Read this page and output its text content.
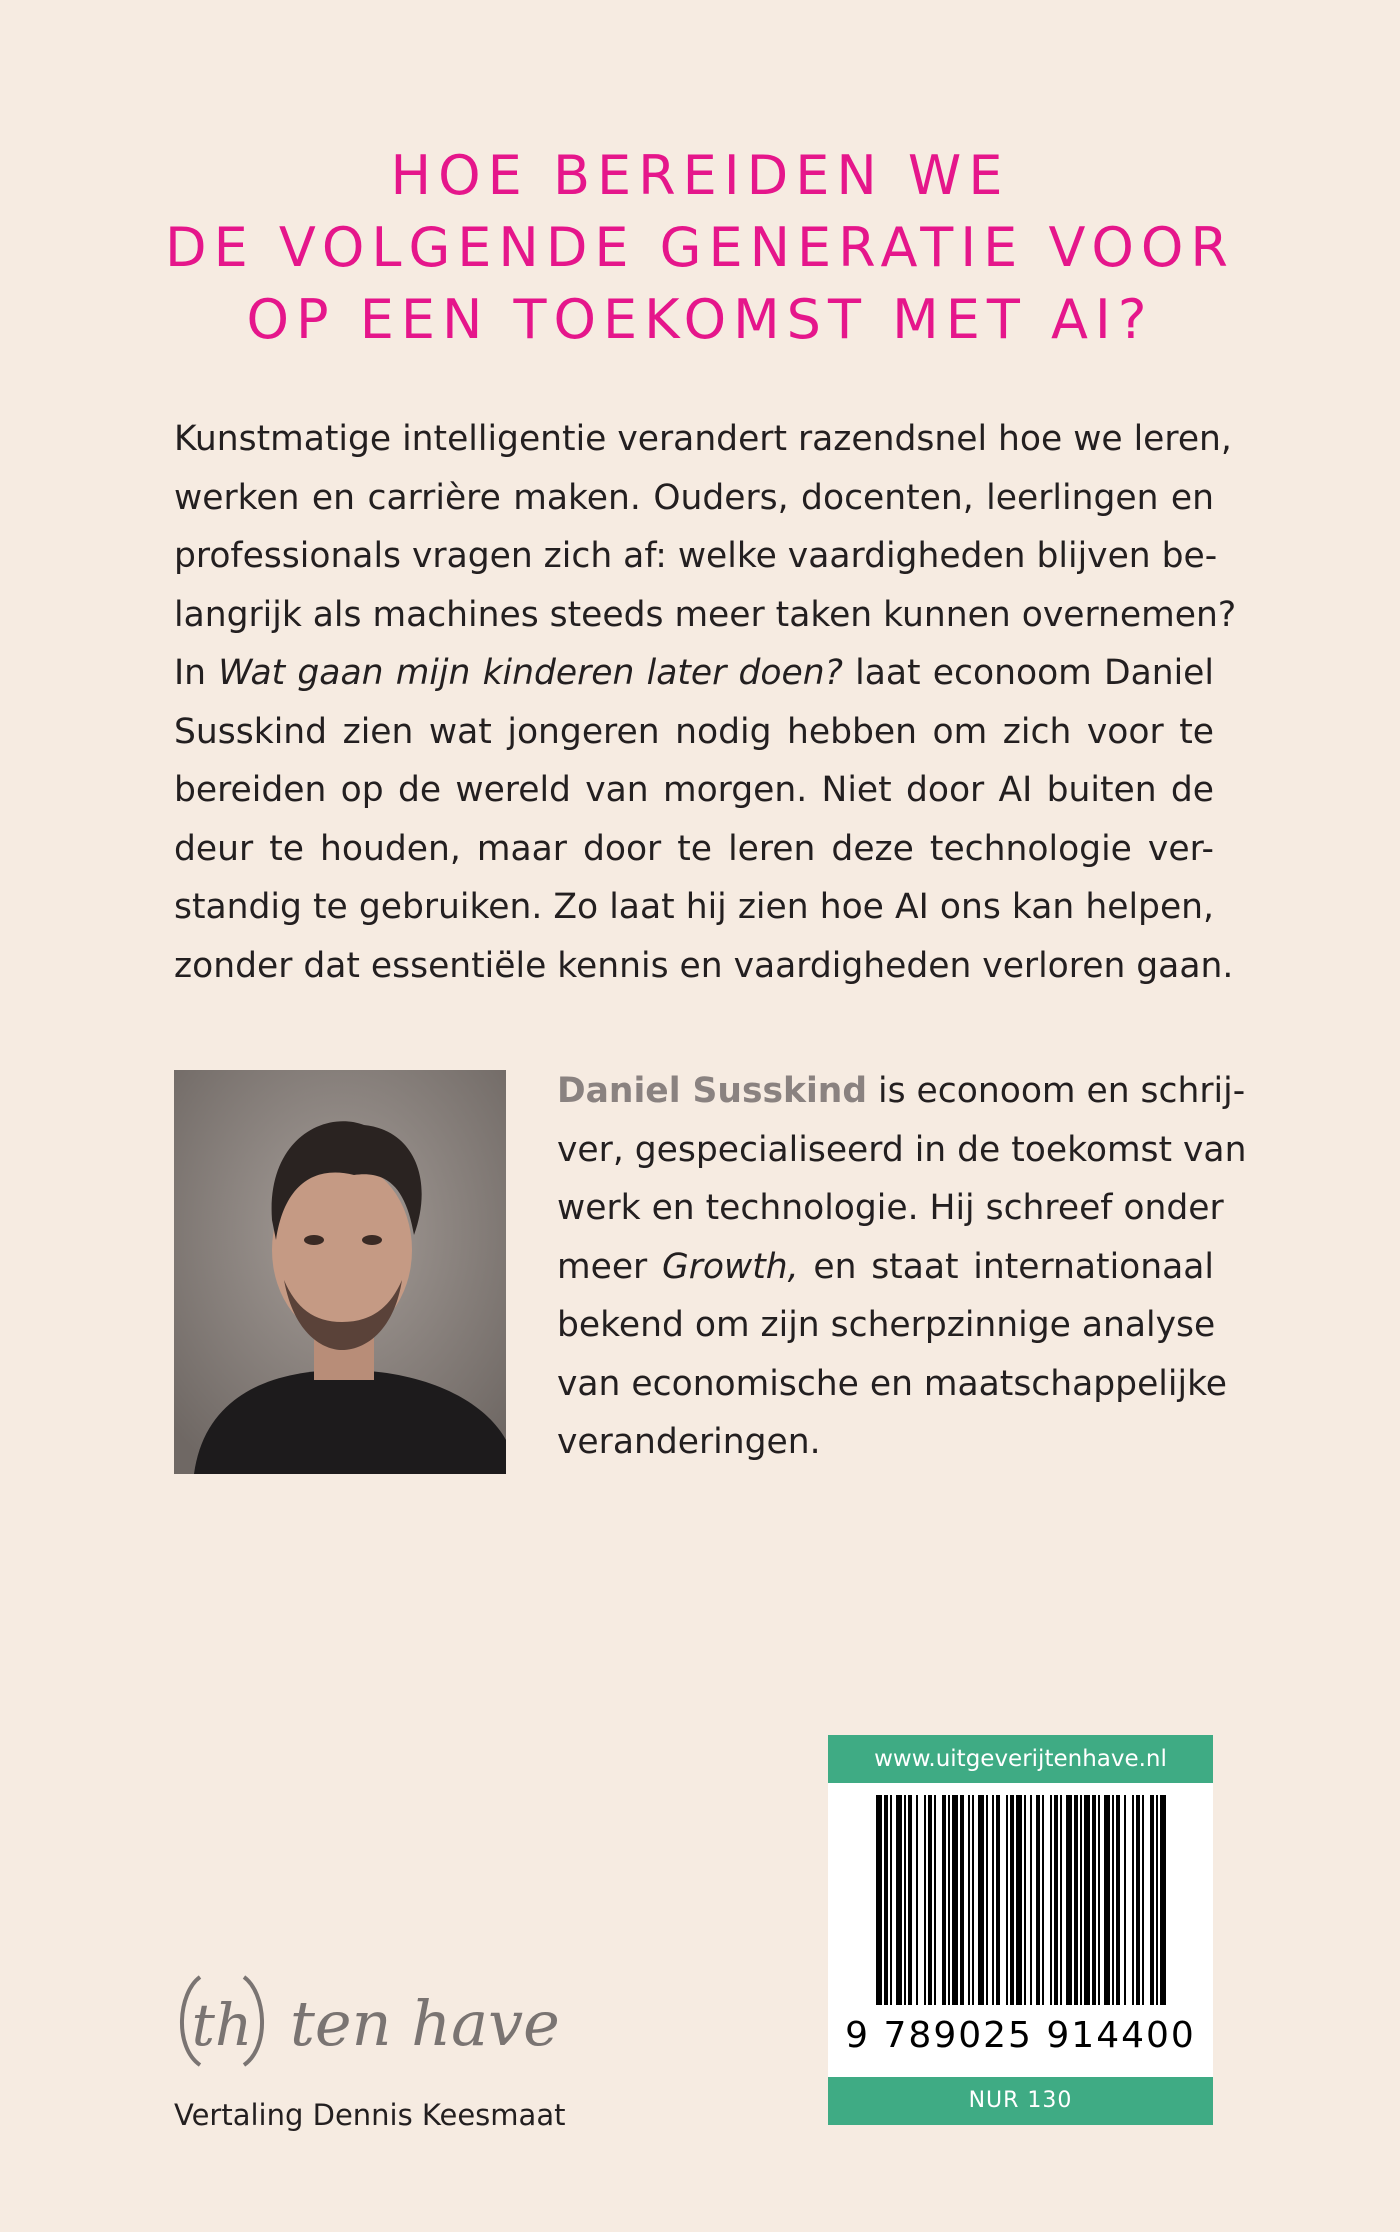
HOE BEREIDEN WE
DE VOLGENDE GENERATIE VOOR
OP EEN TOEKOMST MET AI?
Kunstmatige intelligentie verandert razendsnel hoe we leren,
werken en carrière maken. Ouders, docenten, leerlingen en
professionals vragen zich af: welke vaardigheden blijven be-
langrijk als machines steeds meer taken kunnen overnemen?
In Wat gaan mijn kinderen later doen? laat econoom Daniel
Susskind zien wat jongeren nodig hebben om zich voor te
bereiden op de wereld van morgen. Niet door AI buiten de
deur te houden, maar door te leren deze technologie ver-
standig te gebruiken. Zo laat hij zien hoe AI ons kan helpen,
zonder dat essentiële kennis en vaardigheden verloren gaan.
Daniel Susskind is econoom en schrij-
ver, gespecialiseerd in de toekomst van
werk en technologie. Hij schreef onder
meer Growth, en staat internationaal
bekend om zijn scherpzinnige analyse
van economische en maatschappelijke
veranderingen.
th ten have
Vertaling Dennis Keesmaat
www.uitgeverijtenhave.nl
9 789025 914400
NUR 130
